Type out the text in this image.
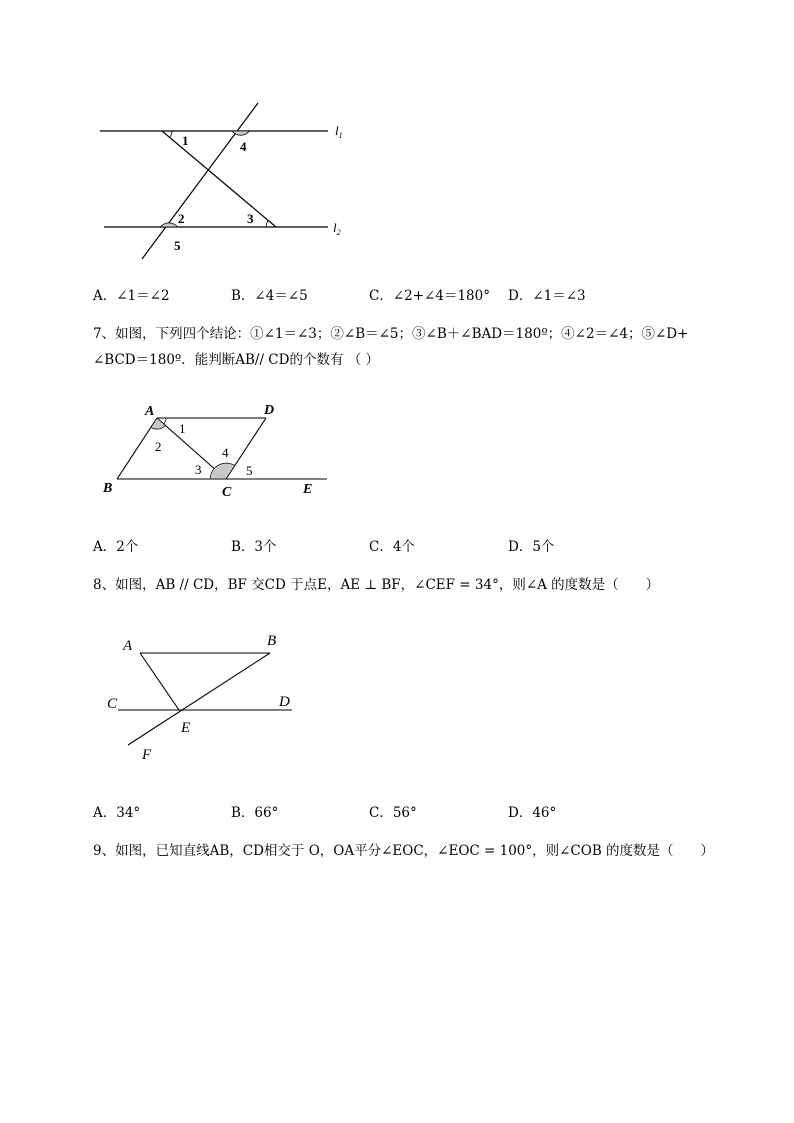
1	4
2	3
5
$l_1$
$l_2$
A．∠1＝∠2	B．∠4＝∠5	C．∠2+∠4＝180° D．∠1＝∠3
7、如图，下列四个结论：①∠1＝∠3；②∠B＝∠5；③∠B＋∠BAD＝180º；④∠2＝∠4；⑤∠D+
∠BCD＝180º．能判断AB// CD的个数有 （ ）
A	D
B	C	E
1
2
3
4
5
A．2个	B．3个	C．4个	D．5个
8、如图，AB // CD，BF 交CD 于点E，AE ⊥ BF，∠CEF = 34°，则∠A 的度数是（　　）
A	B
C	D
E
F
A．34°	B．66°	C．56°	D．46°
9、如图，已知直线AB，CD相交于 O，OA平分∠EOC，∠EOC = 100°，则∠COB 的度数是（　　）
